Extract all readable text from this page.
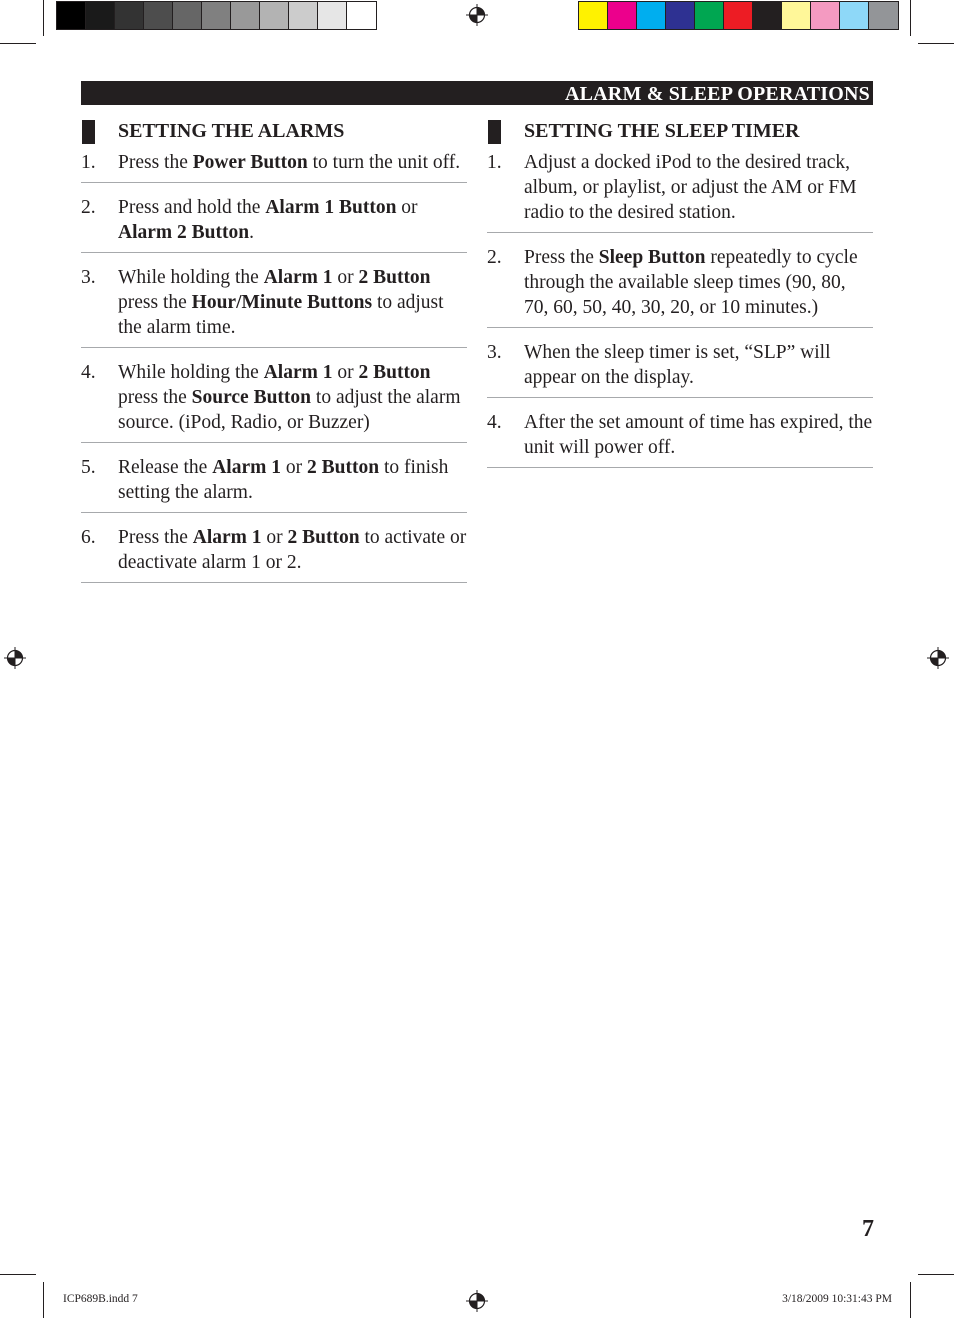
ALARM & SLEEP OPERATIONS
SETTING THE ALARMS
1. Press the Power Button to turn the unit off.
2. Press and hold the Alarm 1 Button or Alarm 2 Button.
3. While holding the Alarm 1 or 2 Button press the Hour/Minute Buttons to adjust the alarm time.
4. While holding the Alarm 1 or 2 Button press the Source Button to adjust the alarm source. (iPod, Radio, or Buzzer)
5. Release the Alarm 1 or 2 Button to finish setting the alarm.
6. Press the Alarm 1 or 2 Button to activate or deactivate alarm 1 or 2.
SETTING THE SLEEP TIMER
1. Adjust a docked iPod to the desired track, album, or playlist, or adjust the AM or FM radio to the desired station.
2. Press the Sleep Button repeatedly to cycle through the available sleep times (90, 80, 70, 60, 50, 40, 30, 20, or 10 minutes.)
3. When the sleep timer is set, “SLP” will appear on the display.
4. After the set amount of time has expired, the unit will power off.
7
ICP689B.indd 7	3/18/2009 10:31:43 PM
